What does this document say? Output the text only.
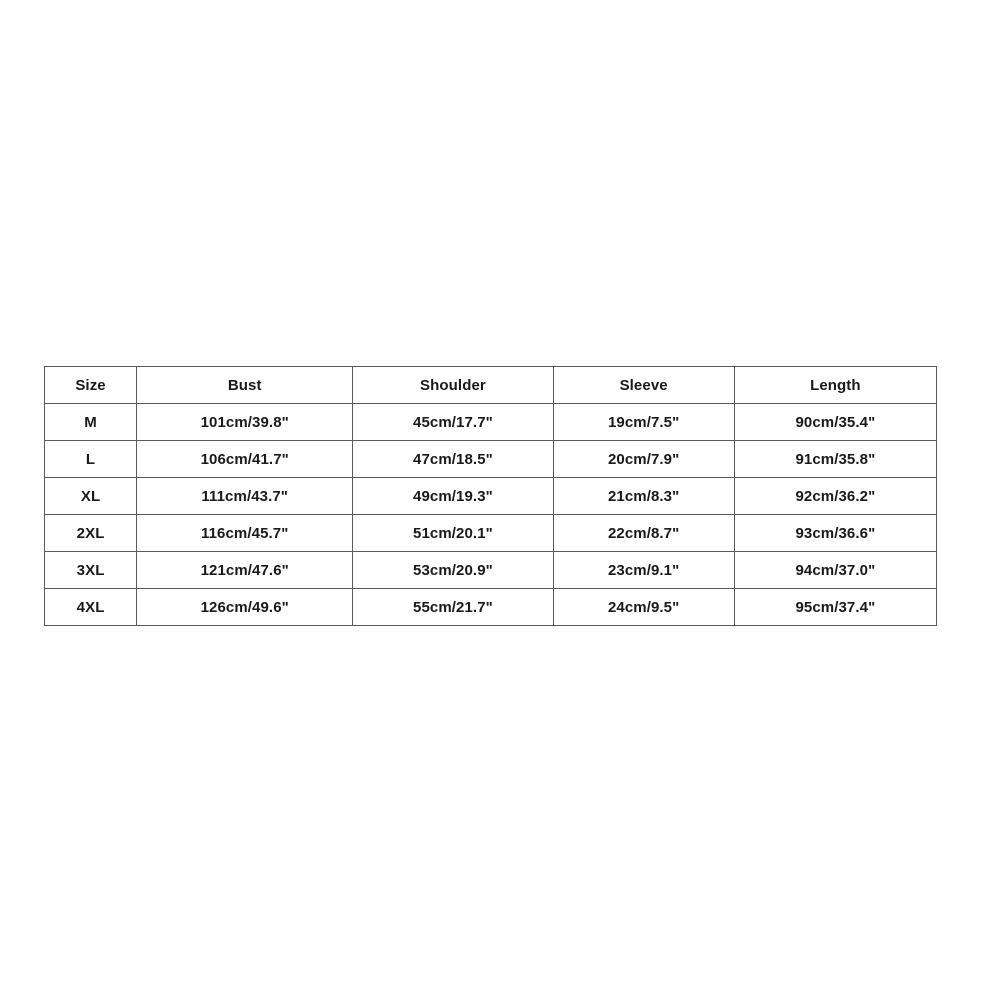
Size	Bust	Shoulder	Sleeve	Length
M	101cm/39.8"	45cm/17.7"	19cm/7.5"	90cm/35.4"
L	106cm/41.7"	47cm/18.5"	20cm/7.9"	91cm/35.8"
XL	111cm/43.7"	49cm/19.3"	21cm/8.3"	92cm/36.2"
2XL	116cm/45.7"	51cm/20.1"	22cm/8.7"	93cm/36.6"
3XL	121cm/47.6"	53cm/20.9"	23cm/9.1"	94cm/37.0"
4XL	126cm/49.6"	55cm/21.7"	24cm/9.5"	95cm/37.4"
